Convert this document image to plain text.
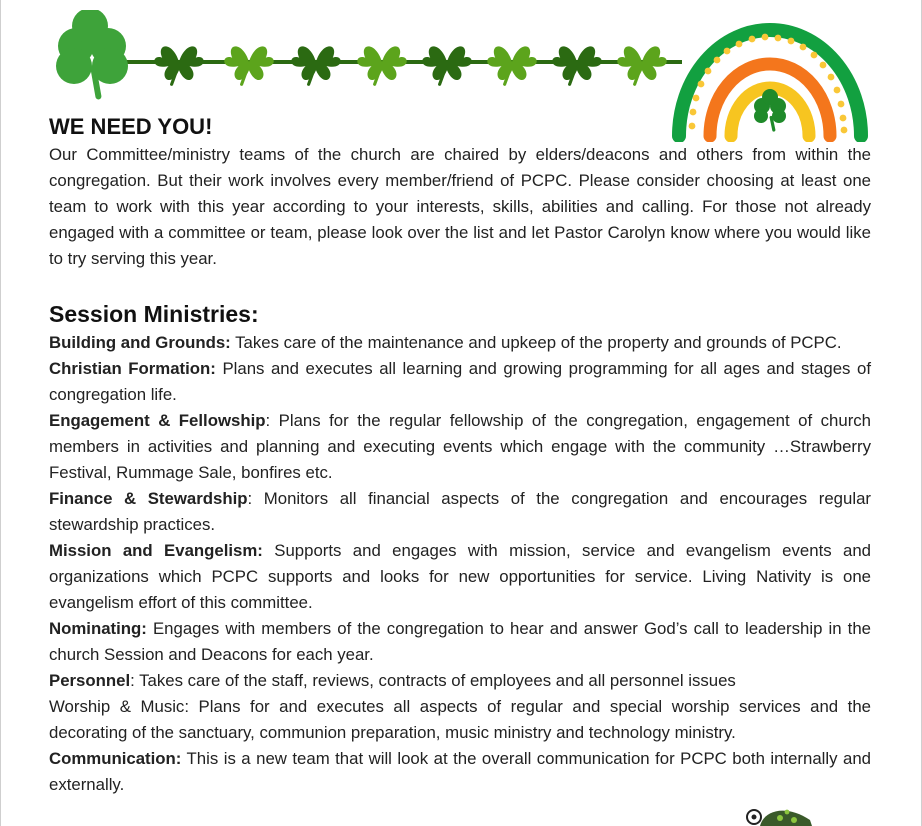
WE NEED YOU!

Our Committee/ministry teams of the church are chaired by elders/deacons and others from within the congregation. But their work involves every member/friend of PCPC. Please consider choosing at least one team to work with this year according to your interests, skills, abilities and calling. For those not already engaged with a committee or team, please look over the list and let Pastor Carolyn know where you would like to try serving this year.

Session Ministries:

Building and Grounds: Takes care of the maintenance and upkeep of the property and grounds of PCPC.

Christian Formation: Plans and executes all learning and growing programming for all ages and stages of congregation life.

Engagement & Fellowship: Plans for the regular fellowship of the congregation, engagement of church members in activities and planning and executing events which engage with the community …Strawberry Festival, Rummage Sale, bonfires etc.

Finance & Stewardship: Monitors all financial aspects of the congregation and encourages regular stewardship practices.

Mission and Evangelism: Supports and engages with mission, service and evangelism events and organizations which PCPC supports and looks for new opportunities for service. Living Nativity is one evangelism effort of this committee.

Nominating: Engages with members of the congregation to hear and answer God’s call to leadership in the church Session and Deacons for each year.

Personnel: Takes care of the staff, reviews, contracts of employees and all personnel issues

Worship & Music: Plans for and executes all aspects of regular and special worship services and the decorating of the sanctuary, communion preparation, music ministry and technology ministry.

Communication: This is a new team that will look at the overall communication for PCPC both internally and externally.
